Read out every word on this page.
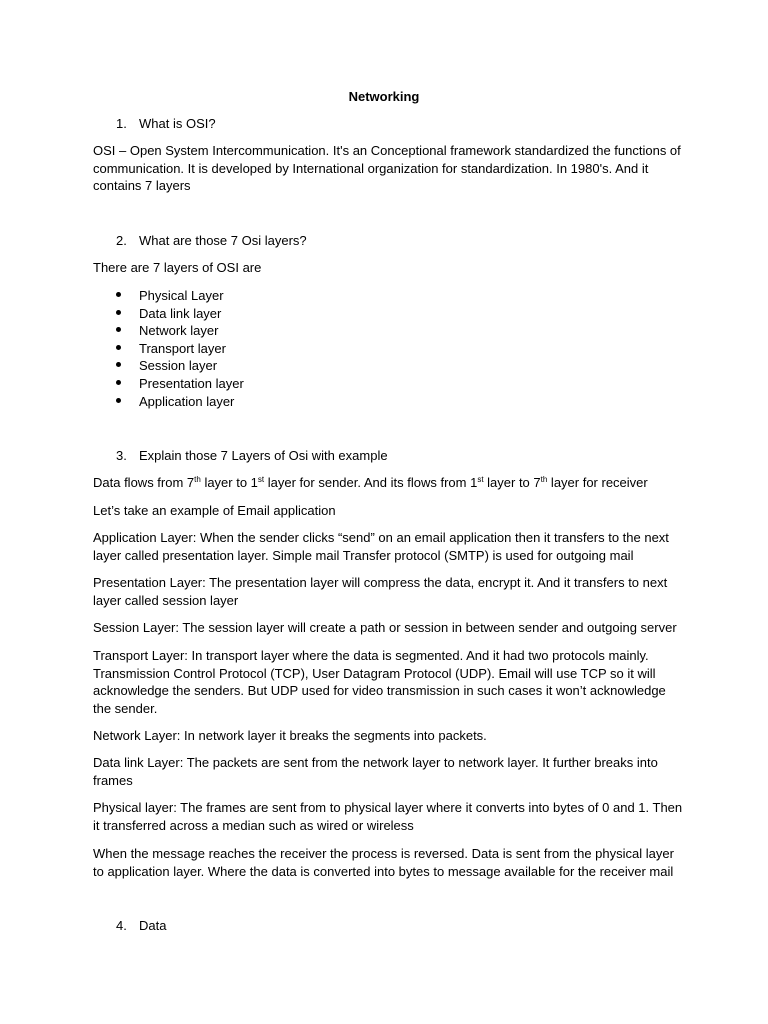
Networking
1. What is OSI?

OSI – Open System Intercommunication. It's an Conceptional framework standardized the functions of communication. It is developed by International organization for standardization. In 1980's. And it contains 7 layers

2. What are those 7 Osi layers?

There are 7 layers of OSI are

Physical Layer
Data link layer
Network layer
Transport layer
Session layer
Presentation layer
Application layer
3. Explain those 7 Layers of Osi with example

Data flows from 7th layer to 1st layer for sender. And its flows from 1st layer to 7th layer for receiver

Let’s take an example of Email application

Application Layer: When the sender clicks “send” on an email application then it transfers to the next layer called presentation layer. Simple mail Transfer protocol (SMTP) is used for outgoing mail

Presentation Layer: The presentation layer will compress the data, encrypt it. And it transfers to next layer called session layer

Session Layer: The session layer will create a path or session in between sender and outgoing server

Transport Layer: In transport layer where the data is segmented. And it had two protocols mainly. Transmission Control Protocol (TCP), User Datagram Protocol (UDP). Email will use TCP so it will acknowledge the senders. But UDP used for video transmission in such cases it won’t acknowledge the sender.

Network Layer: In network layer it breaks the segments into packets.

Data link Layer: The packets are sent from the network layer to network layer. It further breaks into frames

Physical layer: The frames are sent from to physical layer where it converts into bytes of 0 and 1. Then it transferred across a median such as wired or wireless

When the message reaches the receiver the process is reversed. Data is sent from the physical layer to application layer. Where the data is converted into bytes to message available for the receiver mail

4. Data
